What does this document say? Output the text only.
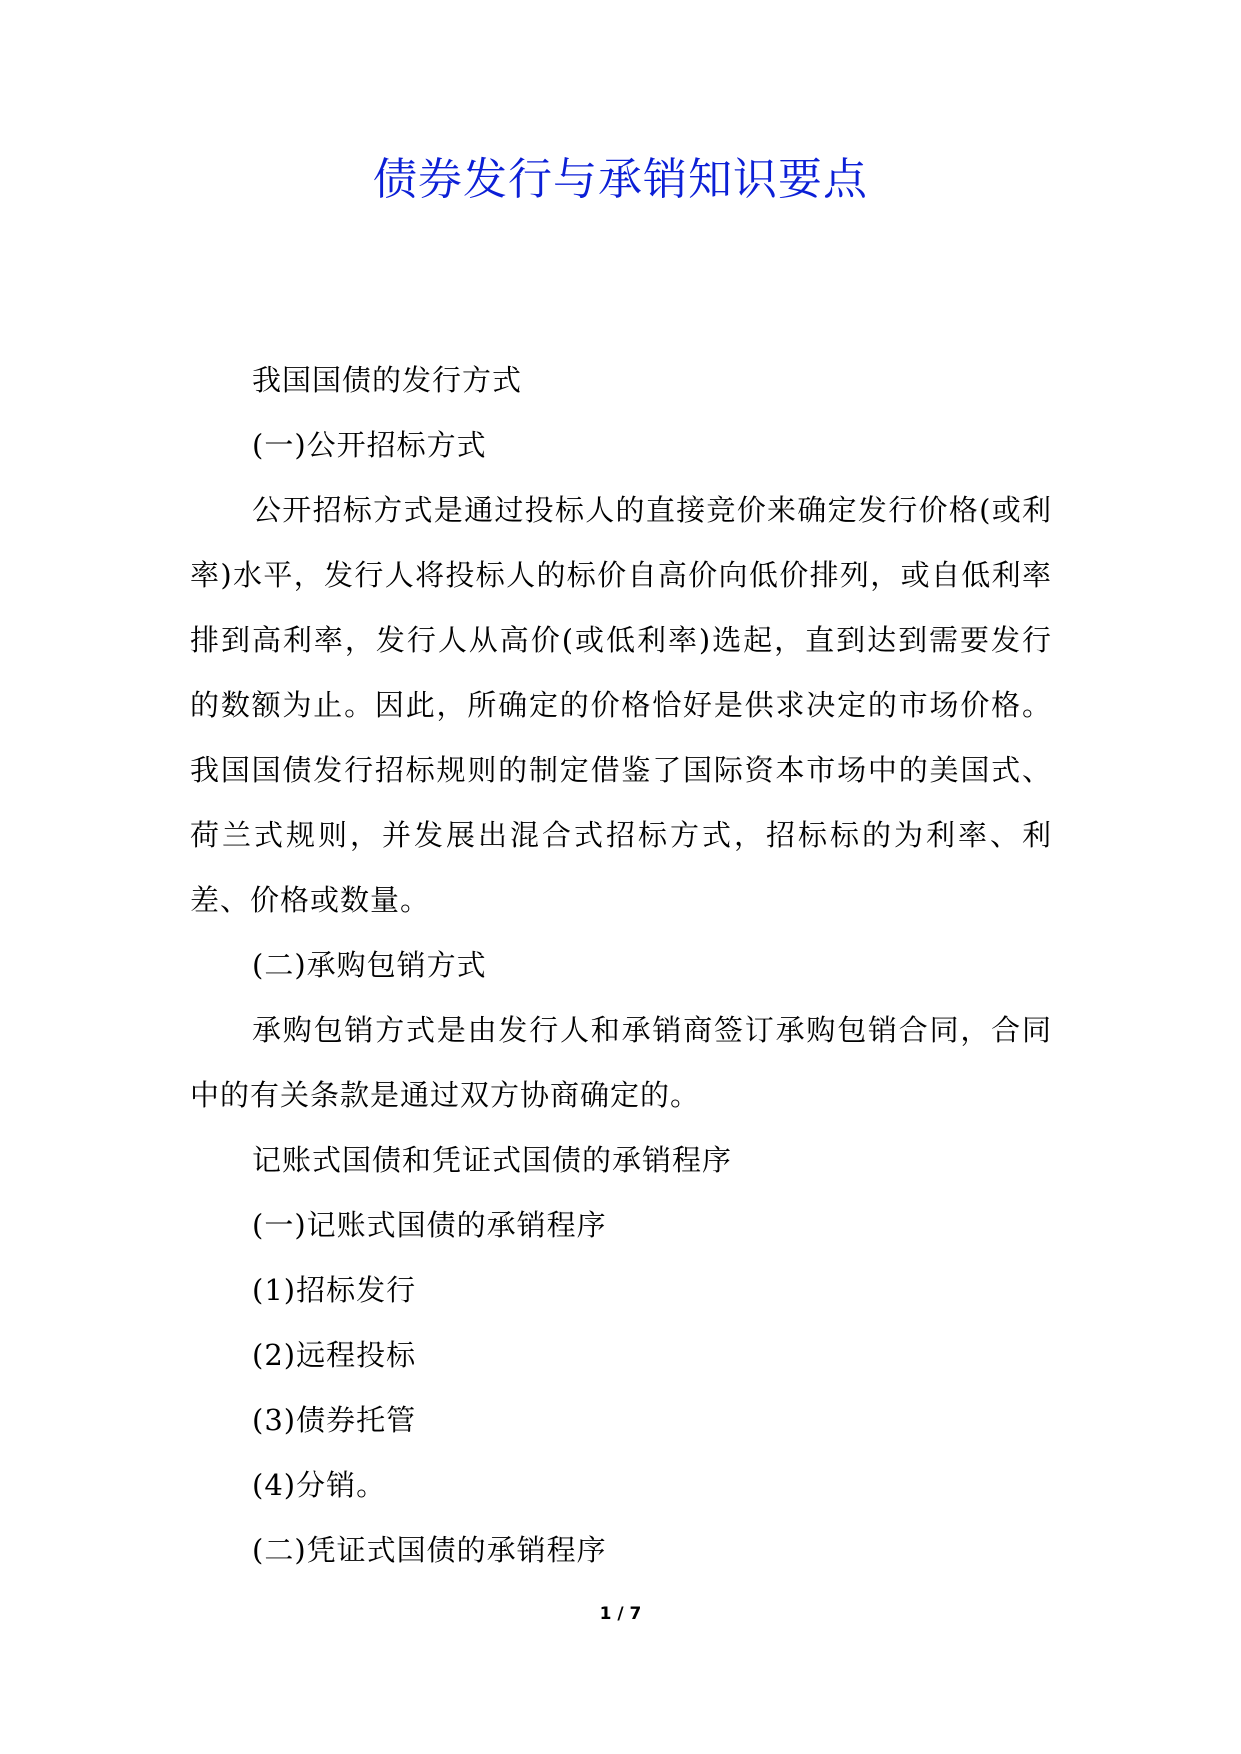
债券发行与承销知识要点

我国国债的发行方式

(一)公开招标方式

公开招标方式是通过投标人的直接竞价来确定发行价格(或利率)水平，发行人将投标人的标价自高价向低价排列，或自低利率排到高利率，发行人从高价(或低利率)选起，直到达到需要发行的数额为止。因此，所确定的价格恰好是供求决定的市场价格。我国国债发行招标规则的制定借鉴了国际资本市场中的美国式、荷兰式规则，并发展出混合式招标方式，招标标的为利率、利差、价格或数量。

(二)承购包销方式

承购包销方式是由发行人和承销商签订承购包销合同，合同中的有关条款是通过双方协商确定的。

记账式国债和凭证式国债的承销程序

(一)记账式国债的承销程序

(1)招标发行

(2)远程投标

(3)债券托管

(4)分销。

(二)凭证式国债的承销程序

1 / 7
